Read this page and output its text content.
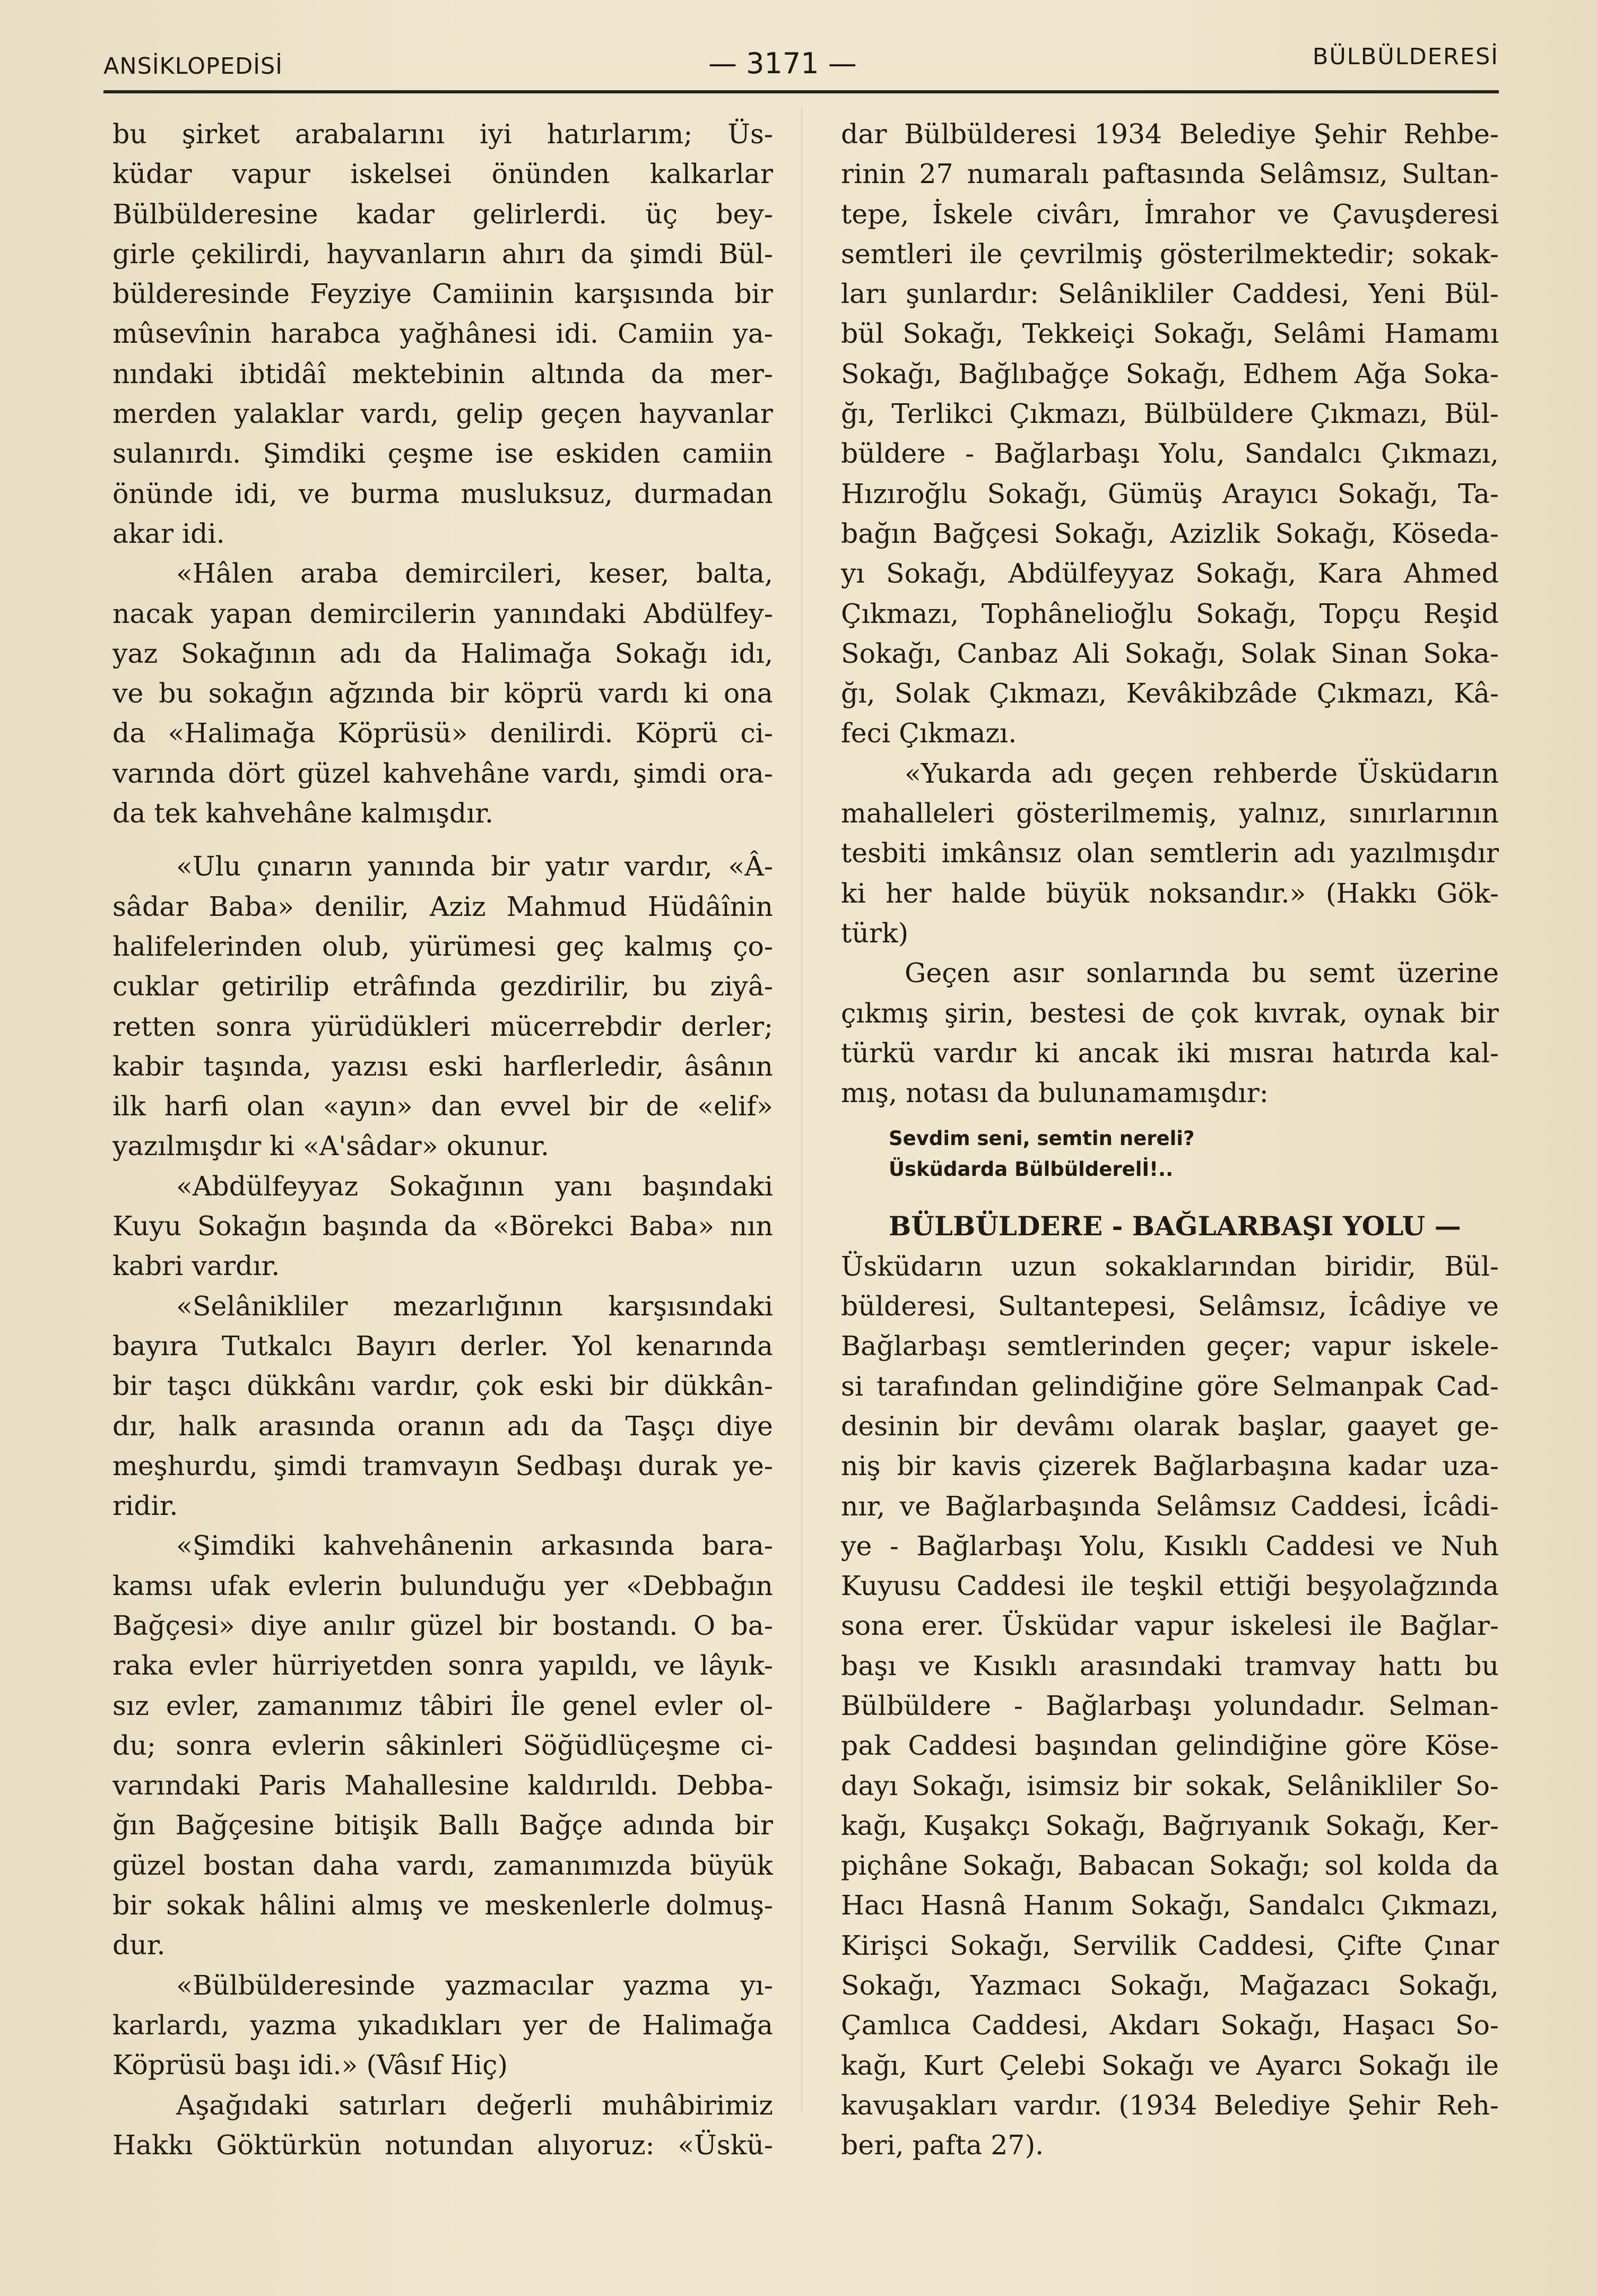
ANSİKLOPEDİSİ	— 3171 —	BÜLBÜLDERESİ
bu şirket arabalarını iyi hatırlarım; Üs-
küdar vapur iskelsei önünden kalkarlar
Bülbülderesine kadar gelirlerdi. üç bey-
girle çekilirdi, hayvanların ahırı da şimdi Bül-
bülderesinde Feyziye Camiinin karşısında bir
mûsevînin harabca yağhânesi idi. Camiin ya-
nındaki ibtidâî mektebinin altında da mer-
merden yalaklar vardı, gelip geçen hayvanlar
sulanırdı. Şimdiki çeşme ise eskiden camiin
önünde idi, ve burma musluksuz, durmadan
akar idi.
«Hâlen araba demircileri, keser, balta,
nacak yapan demircilerin yanındaki Abdülfey-
yaz Sokağının adı da Halimağa Sokağı idı,
ve bu sokağın ağzında bir köprü vardı ki ona
da «Halimağa Köprüsü» denilirdi. Köprü ci-
varında dört güzel kahvehâne vardı, şimdi ora-
da tek kahvehâne kalmışdır.
«Ulu çınarın yanında bir yatır vardır, «Â-
sâdar Baba» denilir, Aziz Mahmud Hüdâînin
halifelerinden olub, yürümesi geç kalmış ço-
cuklar getirilip etrâfında gezdirilir, bu ziyâ-
retten sonra yürüdükleri mücerrebdir derler;
kabir taşında, yazısı eski harflerledir, âsânın
ilk harfi olan «ayın» dan evvel bir de «elif»
yazılmışdır ki «A'sâdar» okunur.
«Abdülfeyyaz Sokağının yanı başındaki
Kuyu Sokağın başında da «Börekci Baba» nın
kabri vardır.
«Selânikliler mezarlığının karşısındaki
bayıra Tutkalcı Bayırı derler. Yol kenarında
bir taşcı dükkânı vardır, çok eski bir dükkân-
dır, halk arasında oranın adı da Taşçı diye
meşhurdu, şimdi tramvayın Sedbaşı durak ye-
ridir.
«Şimdiki kahvehânenin arkasında bara-
kamsı ufak evlerin bulunduğu yer «Debbağın
Bağçesi» diye anılır güzel bir bostandı. O ba-
raka evler hürriyetden sonra yapıldı, ve lâyık-
sız evler, zamanımız tâbiri İle genel evler ol-
du; sonra evlerin sâkinleri Söğüdlüçeşme ci-
varındaki Paris Mahallesine kaldırıldı. Debba-
ğın Bağçesine bitişik Ballı Bağçe adında bir
güzel bostan daha vardı, zamanımızda büyük
bir sokak hâlini almış ve meskenlerle dolmuş-
dur.
«Bülbülderesinde yazmacılar yazma yı-
karlardı, yazma yıkadıkları yer de Halimağa
Köprüsü başı idi.» (Vâsıf Hiç)
Aşağıdaki satırları değerli muhâbirimiz
Hakkı Göktürkün notundan alıyoruz: «Üskü-
dar Bülbülderesi 1934 Belediye Şehir Rehbe-
rinin 27 numaralı paftasında Selâmsız, Sultan-
tepe, İskele civârı, İmrahor ve Çavuşderesi
semtleri ile çevrilmiş gösterilmektedir; sokak-
ları şunlardır: Selânikliler Caddesi, Yeni Bül-
bül Sokağı, Tekkeiçi Sokağı, Selâmi Hamamı
Sokağı, Bağlıbağçe Sokağı, Edhem Ağa Soka-
ğı, Terlikci Çıkmazı, Bülbüldere Çıkmazı, Bül-
büldere - Bağlarbaşı Yolu, Sandalcı Çıkmazı,
Hızıroğlu Sokağı, Gümüş Arayıcı Sokağı, Ta-
bağın Bağçesi Sokağı, Azizlik Sokağı, Köseda-
yı Sokağı, Abdülfeyyaz Sokağı, Kara Ahmed
Çıkmazı, Tophânelioğlu Sokağı, Topçu Reşid
Sokağı, Canbaz Ali Sokağı, Solak Sinan Soka-
ğı, Solak Çıkmazı, Kevâkibzâde Çıkmazı, Kâ-
feci Çıkmazı.
«Yukarda adı geçen rehberde Üsküdarın
mahalleleri gösterilmemiş, yalnız, sınırlarının
tesbiti imkânsız olan semtlerin adı yazılmışdır
ki her halde büyük noksandır.» (Hakkı Gök-
türk)
Geçen asır sonlarında bu semt üzerine
çıkmış şirin, bestesi de çok kıvrak, oynak bir
türkü vardır ki ancak iki mısraı hatırda kal-
mış, notası da bulunamamışdır:
Sevdim seni, semtin nereli?
Üsküdarda Bülbülderelİ!..
BÜLBÜLDERE - BAĞLARBAŞI YOLU —
Üsküdarın uzun sokaklarından biridir, Bül-
bülderesi, Sultantepesi, Selâmsız, İcâdiye ve
Bağlarbaşı semtlerinden geçer; vapur iskele-
si tarafından gelindiğine göre Selmanpak Cad-
desinin bir devâmı olarak başlar, gaayet ge-
niş bir kavis çizerek Bağlarbaşına kadar uza-
nır, ve Bağlarbaşında Selâmsız Caddesi, İcâdi-
ye - Bağlarbaşı Yolu, Kısıklı Caddesi ve Nuh
Kuyusu Caddesi ile teşkil ettiği beşyolağzında
sona erer. Üsküdar vapur iskelesi ile Bağlar-
başı ve Kısıklı arasındaki tramvay hattı bu
Bülbüldere - Bağlarbaşı yolundadır. Selman-
pak Caddesi başından gelindiğine göre Köse-
dayı Sokağı, isimsiz bir sokak, Selânikliler So-
kağı, Kuşakçı Sokağı, Bağrıyanık Sokağı, Ker-
piçhâne Sokağı, Babacan Sokağı; sol kolda da
Hacı Hasnâ Hanım Sokağı, Sandalcı Çıkmazı,
Kirişci Sokağı, Servilik Caddesi, Çifte Çınar
Sokağı, Yazmacı Sokağı, Mağazacı Sokağı,
Çamlıca Caddesi, Akdarı Sokağı, Haşacı So-
kağı, Kurt Çelebi Sokağı ve Ayarcı Sokağı ile
kavuşakları vardır. (1934 Belediye Şehir Reh-
beri, pafta 27).
